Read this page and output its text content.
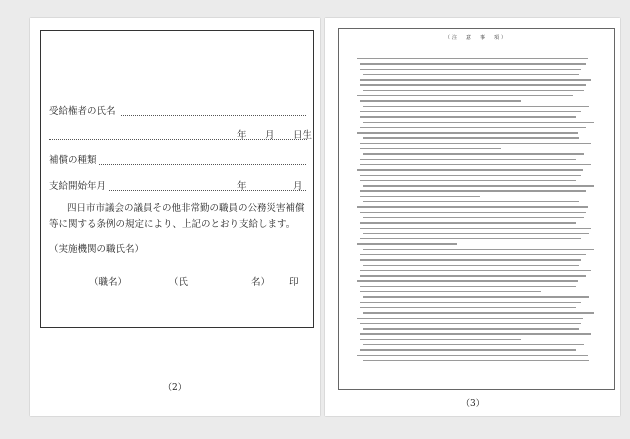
受給権者の氏名
年 月 日生
補償の種類
支給開始年月	年	月
四日市市議会の議員その他非常勤の職員の公務災害補償等に関する条例の規定により、上記のとおり支給します。
（実施機関の職氏名）
（職名）	（氏	名） 印
（2）
（注　意　事　項）
（3）
